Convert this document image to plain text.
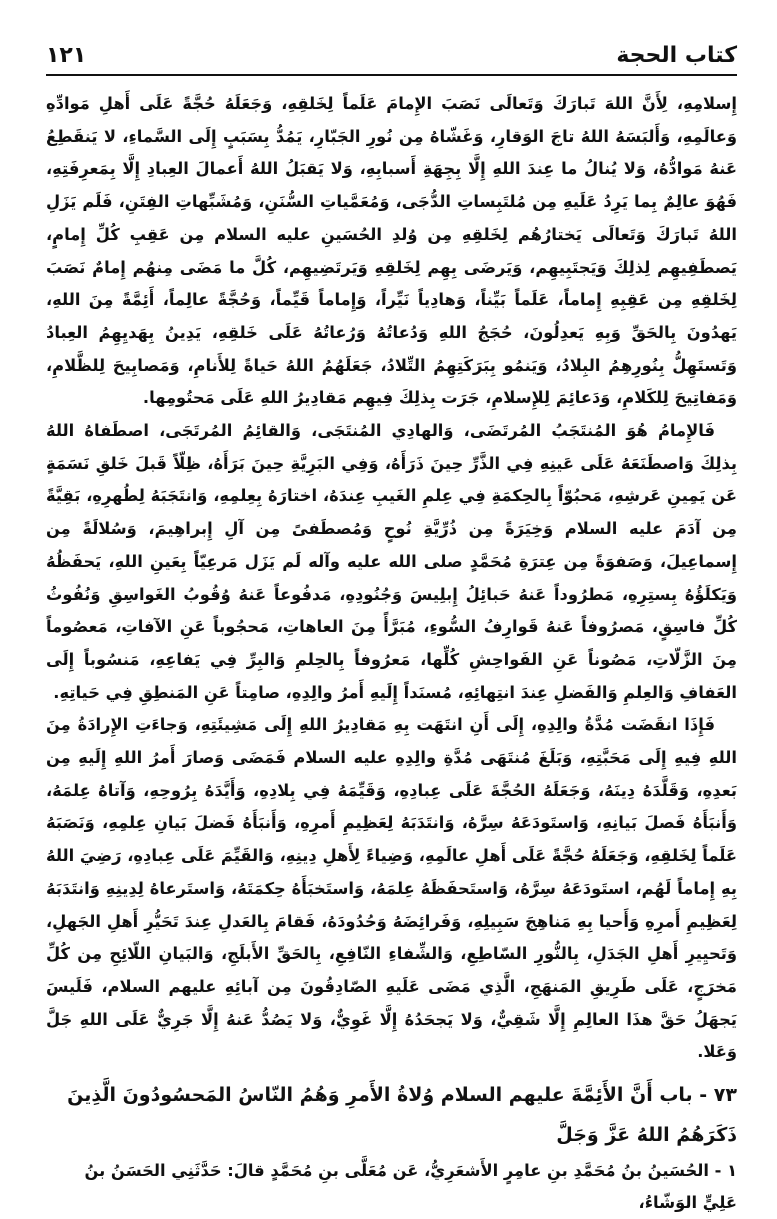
كتاب الحجة
١٢١

إِسلامِهِ، لِأَنَّ اللهَ تَبارَكَ وَتَعالَى نَصَبَ الإِمامَ عَلَماً لِخَلقِهِ، وَجَعَلَهُ حُجَّةً عَلَى أَهلِ مَوادِّهِ وَعالَمِهِ، وَأَلبَسَهُ اللهُ تاجَ الوَقارِ، وَغَشّاهُ مِن نُورِ الجَبّارِ، يَمُدُّ بِسَبَبٍ إِلَى السَّماءِ، لا يَنقَطِعُ عَنهُ مَوادُّهُ، وَلا يُنالُ ما عِندَ اللهِ إِلَّا بِجِهَةِ أَسبابِهِ، وَلا يَقبَلُ اللهُ أَعمالَ العِبادِ إِلَّا بِمَعرِفَتِهِ، فَهُوَ عالِمٌ بِما يَرِدُ عَلَيهِ مِن مُلتَبِساتِ الدُّجَى، وَمُعَمَّياتِ السُّنَنِ، وَمُشَبِّهاتِ الفِتَنِ، فَلَم يَزَلِ اللهُ تَبارَكَ وَتَعالَى يَختارُهُم لِخَلقِهِ مِن وُلدِ الحُسَينِ عليه السلام مِن عَقِبِ كُلِّ إِمامٍ، يَصطَفِيهِم لِذلِكَ وَيَجتَبِيهِم، وَيَرضَى بِهِم لِخَلقِهِ وَيَرتَضِيهِم، كُلَّ ما مَضَى مِنهُم إِمامٌ نَصَبَ لِخَلقِهِ مِن عَقِبِهِ إِماماً، عَلَماً بَيِّناً، وَهادِياً نَيِّراً، وَإِماماً قَيِّماً، وَحُجَّةً عالِماً، أَئِمَّةً مِنَ اللهِ، يَهدُونَ بِالحَقِّ وَبِهِ يَعدِلُونَ، حُجَجُ اللهِ وَدُعاتُهُ وَرُعاتُهُ عَلَى خَلقِهِ، يَدِينُ بِهَديِهِمُ العِبادُ وَتَستَهِلُّ بِنُورِهِمُ البِلادُ، وَيَنمُو بِبَرَكَتِهِمُ التِّلادُ، جَعَلَهُمُ اللهُ حَياةً لِلأَنامِ، وَمَصابِيحَ لِلظَّلامِ، وَمَفاتِيحَ لِلكَلامِ، وَدَعائِمَ لِلإِسلامِ، جَرَت بِذلِكَ فِيهِم مَقادِيرُ اللهِ عَلَى مَحتُومِها.

فَالإِمامُ هُوَ المُنتَجَبُ المُرتَضَى، وَالهادِي المُنتَجَى، وَالقائِمُ المُرتَجَى، اصطَفاهُ اللهُ بِذلِكَ وَاصطَنَعَهُ عَلَى عَينِهِ فِي الذَّرِّ حِينَ ذَرَأَهُ، وَفِي البَرِيَّةِ حِينَ بَرَأَهُ، ظِلّاً قَبلَ خَلقِ نَسَمَةٍ عَن يَمِينِ عَرشِهِ، مَحبُوّاً بِالحِكمَةِ فِي عِلمِ الغَيبِ عِندَهُ، اختارَهُ بِعِلمِهِ، وَانتَجَبَهُ لِطُهرِهِ، بَقِيَّةً مِن آدَمَ عليه السلام وَخِيَرَةً مِن ذُرِّيَّةِ نُوحٍ وَمُصطَفىً مِن آلِ إِبراهِيمَ، وَسُلالَةً مِن إِسماعِيلَ، وَصَفوَةً مِن عِترَةِ مُحَمَّدٍ صلى الله عليه وآله لَم يَزَل مَرعِيّاً بِعَينِ اللهِ، يَحفَظُهُ وَيَكلَؤُهُ بِستِرِهِ، مَطرُوداً عَنهُ حَبائِلُ إِبلِيسَ وَجُنُودِهِ، مَدفُوعاً عَنهُ وُقُوبُ الغَواسِقِ وَنُفُوثُ كُلِّ فاسِقٍ، مَصرُوفاً عَنهُ قَوارِفُ السُّوءِ، مُبَرَّأً مِنَ العاهاتِ، مَحجُوباً عَنِ الآفاتِ، مَعصُوماً مِنَ الزَّلّاتِ، مَصُوناً عَنِ الفَواحِشِ كُلِّها، مَعرُوفاً بِالحِلمِ وَالبِرِّ فِي يَفاعِهِ، مَنسُوباً إِلَى العَفافِ وَالعِلمِ وَالفَضلِ عِندَ انتِهائِهِ، مُسنَداً إِلَيهِ أَمرُ والِدِهِ، صامِتاً عَنِ المَنطِقِ فِي حَياتِهِ.

فَإِذَا انقَضَت مُدَّةُ والِدِهِ، إِلَى أَنِ انتَهَت بِهِ مَقادِيرُ اللهِ إِلَى مَشِيئَتِهِ، وَجاءَتِ الإِرادَةُ مِنَ اللهِ فِيهِ إِلَى مَحَبَّتِهِ، وَبَلَغَ مُنتَهَى مُدَّةِ والِدِهِ عليه السلام فَمَضَى وَصارَ أَمرُ اللهِ إِلَيهِ مِن بَعدِهِ، وَقَلَّدَهُ دِينَهُ، وَجَعَلَهُ الحُجَّةَ عَلَى عِبادِهِ، وَقَيِّمَهُ فِي بِلادِهِ، وَأَيَّدَهُ بِرُوحِهِ، وَآتاهُ عِلمَهُ، وَأَنبَأَهُ فَصلَ بَيانِهِ، وَاستَودَعَهُ سِرَّهُ، وَانتَدَبَهُ لِعَظِيمِ أَمرِهِ، وَأَنبَأَهُ فَضلَ بَيانِ عِلمِهِ، وَنَصَبَهُ عَلَماً لِخَلقِهِ، وَجَعَلَهُ حُجَّةً عَلَى أَهلِ عالَمِهِ، وَضِياءً لِأَهلِ دِينِهِ، وَالقَيِّمَ عَلَى عِبادِهِ، رَضِيَ اللهُ بِهِ إِماماً لَهُم، استَودَعَهُ سِرَّهُ، وَاستَحفَظَهُ عِلمَهُ، وَاستَخبَأَهُ حِكمَتَهُ، وَاستَرعاهُ لِدِينِهِ وَانتَدَبَهُ لِعَظِيمِ أَمرِهِ وَأَحيا بِهِ مَناهِجَ سَبِيلِهِ، وَفَرائِضَهُ وَحُدُودَهُ، فَقامَ بِالعَدلِ عِندَ تَحَيُّرِ أَهلِ الجَهلِ، وَتَحيِيرِ أَهلِ الجَدَلِ، بِالنُّورِ السّاطِعِ، وَالشِّفاءِ النّافِعِ، بِالحَقِّ الأَبلَجِ، وَالبَيانِ اللّائِحِ مِن كُلِّ مَخرَجٍ، عَلَى طَرِيقِ المَنهَجِ، الَّذِي مَضَى عَلَيهِ الصّادِقُونَ مِن آبائِهِ عليهم السلام، فَلَيسَ يَجهَلُ حَقَّ هذَا العالِمِ إِلَّا شَقِيٌّ، وَلا يَجحَدُهُ إِلَّا غَوِيٌّ، وَلا يَصُدُّ عَنهُ إِلَّا جَرِيٌّ عَلَى اللهِ جَلَّ وَعَلا.

٧٣ - باب أَنَّ الأَئِمَّةَ عليهم السلام وُلاةُ الأَمرِ وَهُمُ النّاسُ المَحسُودُونَ الَّذِينَ ذَكَرَهُمُ اللهُ عَزَّ وَجَلَّ
١ - الحُسَينُ بنُ مُحَمَّدِ بنِ عامِرٍ الأَشعَرِيُّ، عَن مُعَلَّى بنِ مُحَمَّدٍ قالَ: حَدَّثَنِي الحَسَنُ بنُ عَلِيٍّ الوَشّاءُ،
